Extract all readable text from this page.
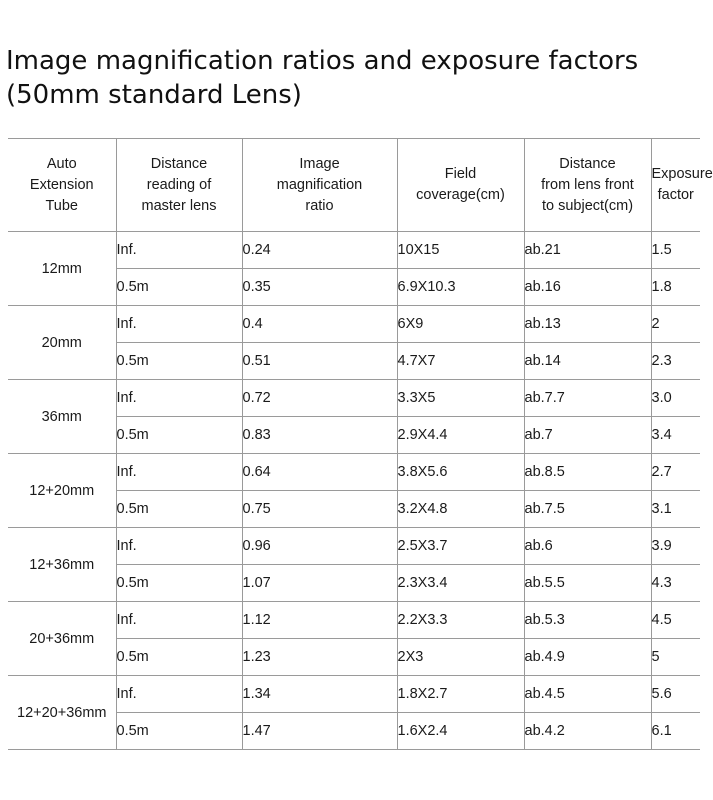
Image magnification ratios and exposure factors
(50mm standard Lens)
Auto
Extension
Tube	Distance
reading of
master lens	Image
magnification
ratio	Field
coverage(cm)	Distance
from lens front
to subject(cm)	Exposure
factor
12mm	Inf.	0.24	10X15	ab.21	1.5
	0.5m	0.35	6.9X10.3	ab.16	1.8
20mm	Inf.	0.4	6X9	ab.13	2
	0.5m	0.51	4.7X7	ab.14	2.3
36mm	Inf.	0.72	3.3X5	ab.7.7	3.0
	0.5m	0.83	2.9X4.4	ab.7	3.4
12+20mm	Inf.	0.64	3.8X5.6	ab.8.5	2.7
	0.5m	0.75	3.2X4.8	ab.7.5	3.1
12+36mm	Inf.	0.96	2.5X3.7	ab.6	3.9
	0.5m	1.07	2.3X3.4	ab.5.5	4.3
20+36mm	Inf.	1.12	2.2X3.3	ab.5.3	4.5
	0.5m	1.23	2X3	ab.4.9	5
12+20+36mm	Inf.	1.34	1.8X2.7	ab.4.5	5.6
	0.5m	1.47	1.6X2.4	ab.4.2	6.1
